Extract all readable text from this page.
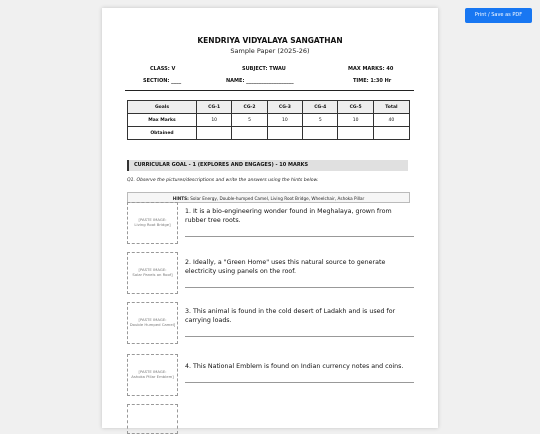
Print / Save as PDF
KENDRIYA VIDYALAYA SANGATHAN
Sample Paper (2025-26)
CLASS: V	SUBJECT: TWAU	MAX MARKS: 40
SECTION: ____	NAME: ___________________	TIME: 1:30 Hr
Goals	CG-1	CG-2	CG-3	CG-4	CG-5	Total
Max Marks	10	5	10	5	10	40
Obtained						
CURRICULAR GOAL - 1 (EXPLORES AND ENGAGES) - 10 MARKS
Q1. Observe the pictures/descriptions and write the answers using the hints below.
HINTS: Solar Energy, Double-humped Camel, Living Root Bridge, Wheelchair, Ashoka Pillar
[PASTE IMAGE:
Living Root Bridge]
1. It is a bio-engineering wonder found in Meghalaya, grown from rubber tree roots.
[PASTE IMAGE:
Solar Panels on Roof]
2. Ideally, a "Green Home" uses this natural source to generate electricity using panels on the roof.
[PASTE IMAGE:
Double Humped Camel]
3. This animal is found in the cold desert of Ladakh and is used for carrying loads.
[PASTE IMAGE:
Ashoka Pillar Emblem]
4. This National Emblem is found on Indian currency notes and coins.
